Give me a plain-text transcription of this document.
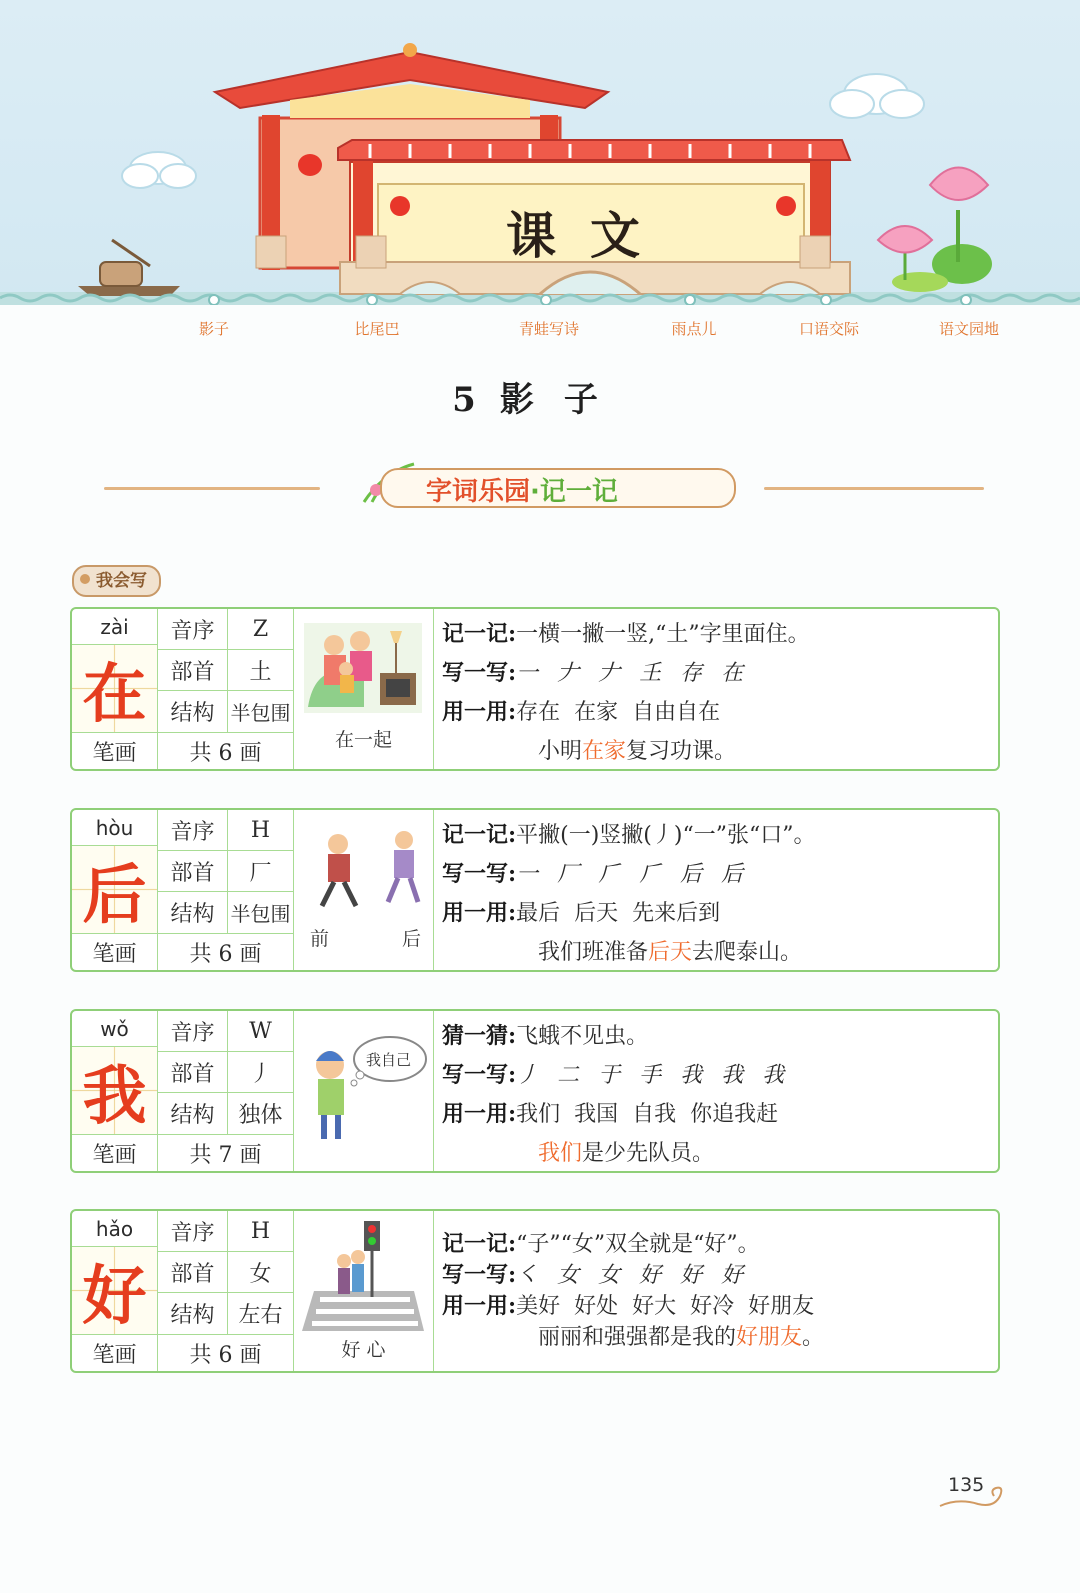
课文
影子	比尾巴	青蛙写诗	雨点儿	口语交际	语文园地
5 影子
字词乐园·记一记
我会写
zài
在
音序	Z
部首	土
结构 半包围
笔画	共 6 画
在一起
记一记:一横一撇一竖,“土”字里面住。
写一写:一 𠂇 𠂇 𡈼 存 在
用一用:存在  在家  自由自在
小明在家复习功课。
hòu
后
音序	H
部首	厂
结构 半包围
笔画	共 6 画
前	后
记一记:平撇(一)竖撇(丿)“一”张“口”。
写一写:一 厂 𠂆 𠂆 后 后
用一用:最后  后天  先来后到
我们班准备后天去爬泰山。
wǒ
我
音序	W
部首	丿
结构	独体
笔画	共 7 画
我自己
猜一猜:飞蛾不见虫。
写一写:丿 二 于 手 我 我 我
用一用:我们  我国  自我  你追我赶
我们是少先队员。
hǎo
好
音序	H
部首	女
结构	左右
笔画	共 6 画	好 心
记一记:“子”“女”双全就是“好”。
写一写:㇛ 女 女 好 好 好
用一用:美好  好处  好大  好冷  好朋友
丽丽和强强都是我的好朋友。
135
